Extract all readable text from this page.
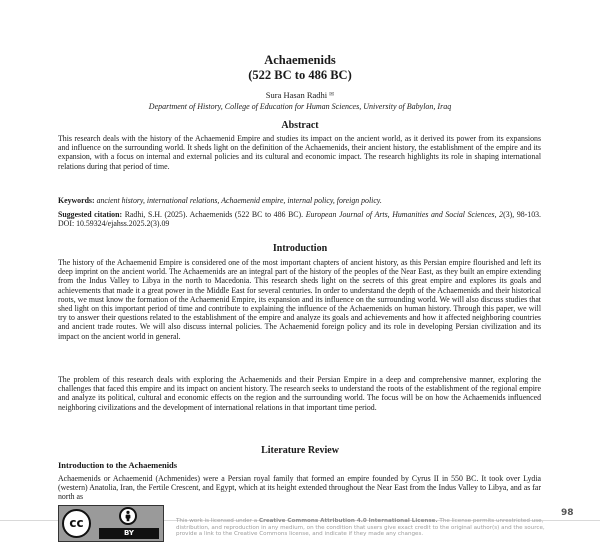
Achaemenids
(522 BC to 486 BC)
Sura Hasan Radhi ✉
Department of History, College of Education for Human Sciences, University of Babylon, Iraq
Abstract

This research deals with the history of the Achaemenid Empire and studies its impact on the ancient world, as it derived its power from its expansions and influence on the surrounding world. It sheds light on the definition of the Achaemenids, their ancient history, the establishment of the empire and its expansion, with a focus on internal and external policies and its cultural and economic impact. The research highlights its role in shaping international relations during that period of time.

Keywords: ancient history, international relations, Achaemenid empire, internal policy, foreign policy.

Suggested citation: Radhi, S.H. (2025). Achaemenids (522 BC to 486 BC). European Journal of Arts, Humanities and Social Sciences, 2(3), 98-103. DOI: 10.59324/ejahss.2025.2(3).09

Introduction

The history of the Achaemenid Empire is considered one of the most important chapters of ancient history, as this Persian empire flourished and left its deep imprint on the ancient world. The Achaemenids are an integral part of the history of the peoples of the Near East, as they built an empire extending from the Indus Valley to Libya in the north to Macedonia. This research sheds light on the secrets of this great empire and explores its goals and achievements that made it a great power in the Middle East for several centuries. In order to understand the depth of the Achaemenids and their historical roots, we must know the formation of the Achaemenid Empire, its expansion and its influence on the surrounding world. We will also discuss studies that shed light on this important period of time and contribute to explaining the influence of the Achaemenids on human history. Through this paper, we will try to answer their questions related to the establishment of the empire and analyze its goals and achievements and how it affected neighboring countries and ancient trade routes. We will also discuss internal policies. The Achaemenid foreign policy and its role in developing Persian civilization and its impact on the ancient world in general.

The problem of this research deals with exploring the Achaemenids and their Persian Empire in a deep and comprehensive manner, exploring the challenges that faced this empire and its impact on ancient history. The research seeks to understand the roots of the establishment of the regional empire and analyze its political, cultural and economic effects on the region and the surrounding world. The focus will be on how the Achaemenids influenced neighboring civilizations and the development of international relations in that important time period.

Literature Review
Introduction to the Achaemenids

Achaemenids or Achaemenid (Achmenides) were a Persian royal family that formed an empire founded by Cyrus II in 550 BC. It took over Lydia (western) Anatolia, Iran, the Fertile Crescent, and Egypt, which at its height extended throughout the Near East from the Indus Valley to Libya, and as far north as

cc
BY
This work is licensed under a Creative Commons Attribution 4.0 International License. The license permits unrestricted use, distribution, and reproduction in any medium, on the condition that users give exact credit to the original author(s) and the source, provide a link to the Creative Commons license, and indicate if they made any changes.
98
